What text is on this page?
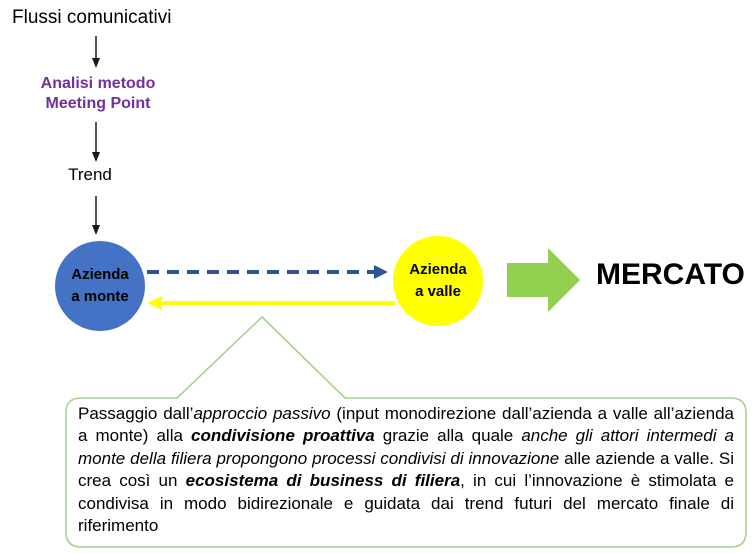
Flussi comunicativi
Analisi metodo
Meeting Point
Trend
Azienda
a monte
Azienda
a valle
MERCATO
Passaggio dall’approccio passivo (input monodirezione dall’azienda a valle all’azienda a monte) alla condivisione proattiva grazie alla quale anche gli attori intermedi a monte della filiera propongono processi condivisi di innovazione alle aziende a valle. Si crea così un ecosistema di business di filiera, in cui l’innovazione è stimolata e condivisa in modo bidirezionale e guidata dai trend futuri del mercato finale di riferimento
